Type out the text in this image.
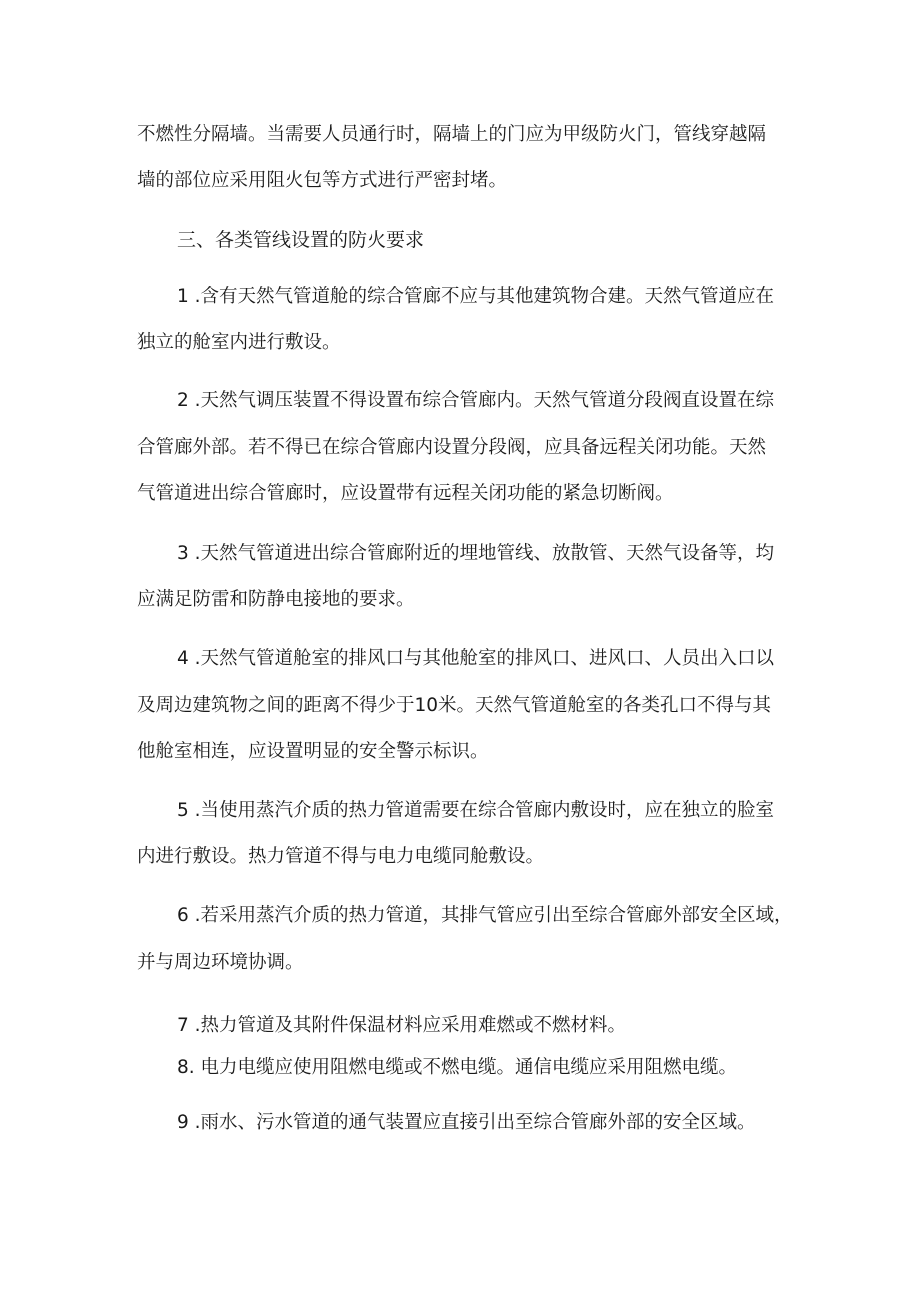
不燃性分隔墙。当需要人员通行时，隔墙上的门应为甲级防火门，管线穿越隔
墙的部位应采用阻火包等方式进行严密封堵。
三、各类管线设置的防火要求
1 .含有天然气管道舱的综合管廊不应与其他建筑物合建。天然气管道应在
独立的舱室内进行敷设。
2 .天然气调压装置不得设置布综合管廊内。天然气管道分段阀直设置在综
合管廊外部。若不得已在综合管廊内设置分段阀，应具备远程关闭功能。天然
气管道进出综合管廊时，应设置带有远程关闭功能的紧急切断阀。
3 .天然气管道进出综合管廊附近的埋地管线、放散管、天然气设备等，均
应满足防雷和防静电接地的要求。
4 .天然气管道舱室的排风口与其他舱室的排风口、进风口、人员出入口以
及周边建筑物之间的距离不得少于10米。天然气管道舱室的各类孔口不得与其
他舱室相连，应设置明显的安全警示标识。
5 .当使用蒸汽介质的热力管道需要在综合管廊内敷设时，应在独立的脸室
内进行敷设。热力管道不得与电力电缆同舱敷设。
6 .若采用蒸汽介质的热力管道，其排气管应引出至综合管廊外部安全区域，
并与周边环境协调。
7 .热力管道及其附件保温材料应采用难燃或不燃材料。
8. 电力电缆应使用阻燃电缆或不燃电缆。通信电缆应采用阻燃电缆。
9 .雨水、污水管道的通气装置应直接引出至综合管廊外部的安全区域。
